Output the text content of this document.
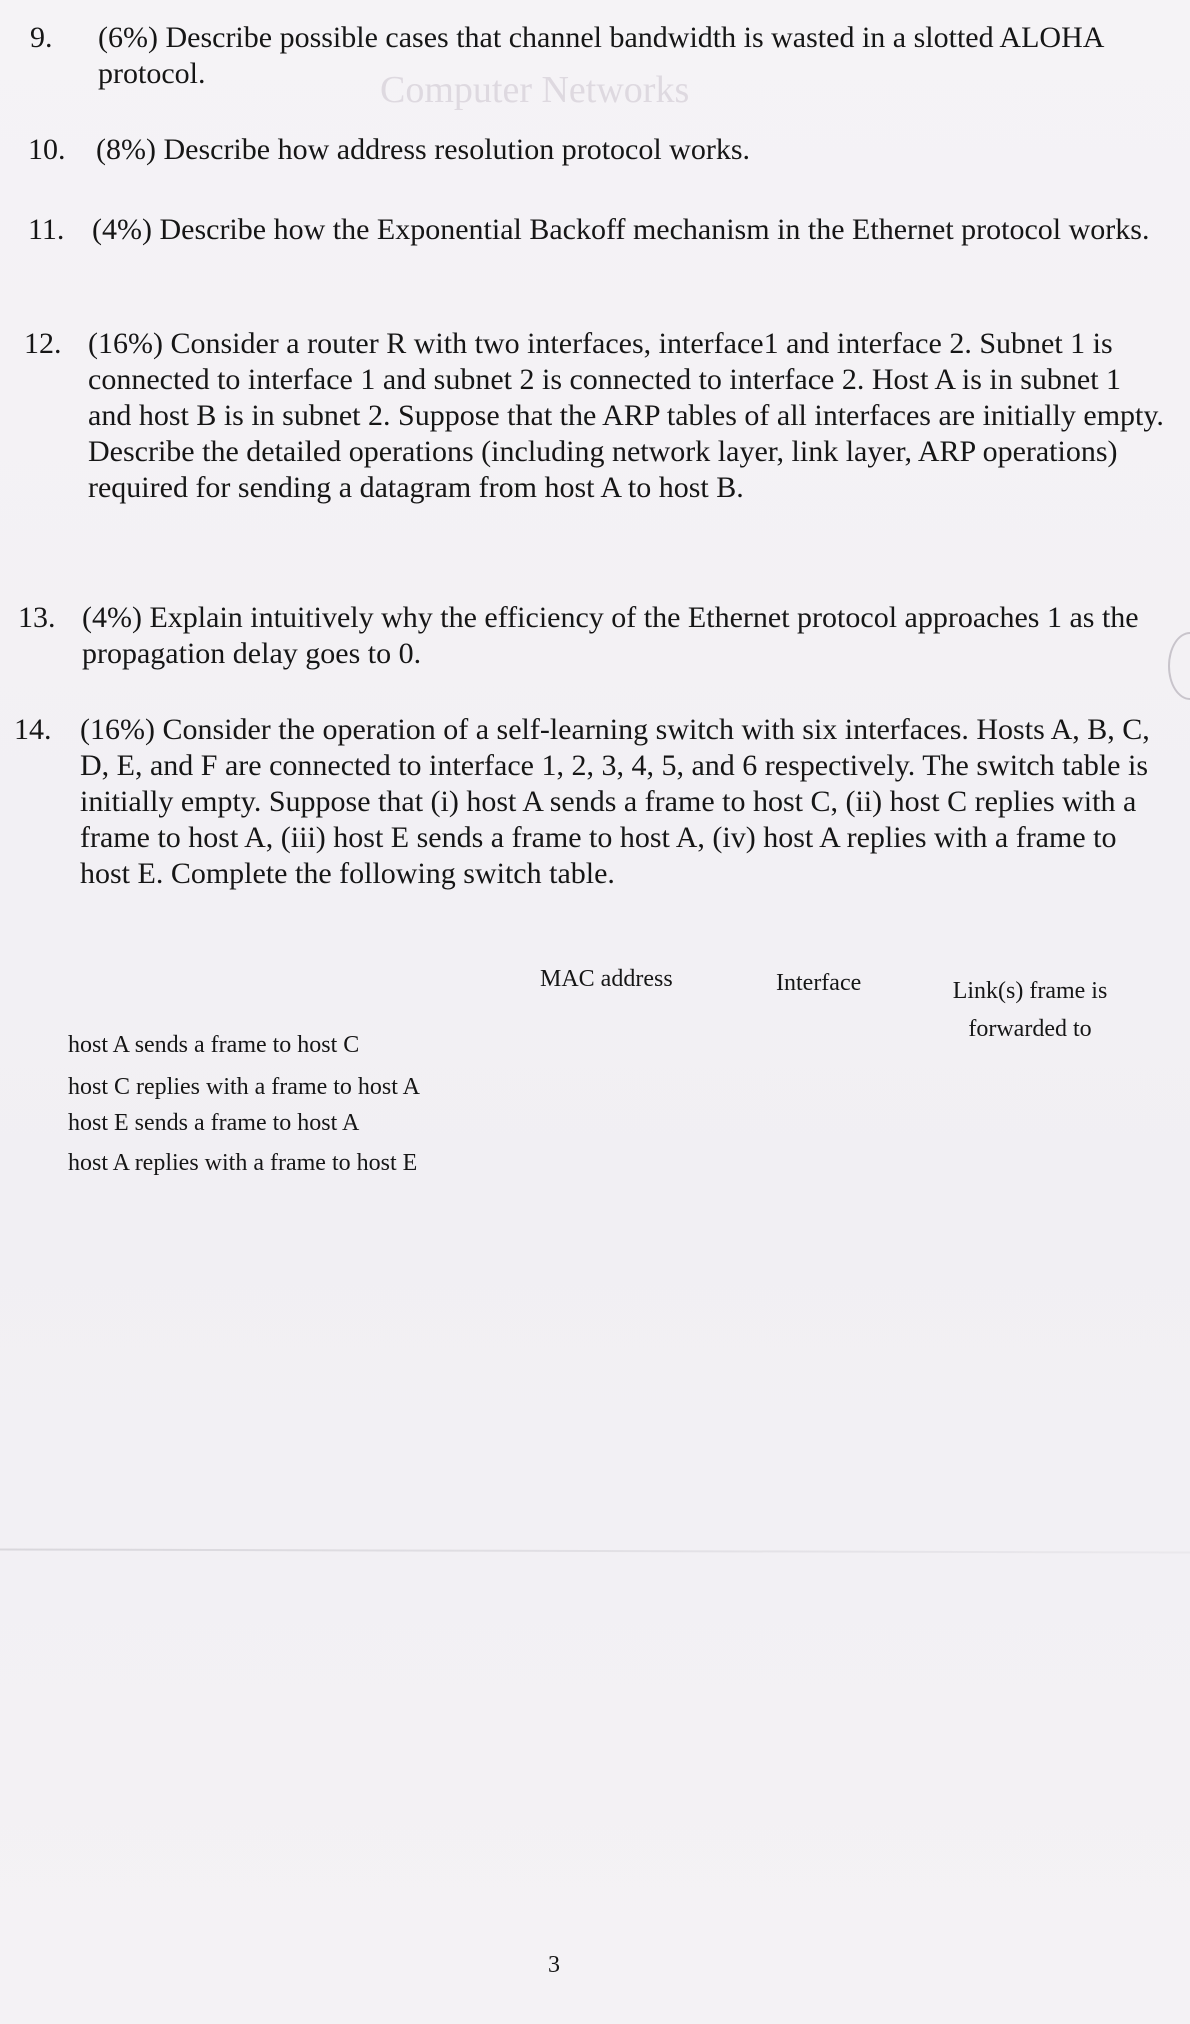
Computer Networks
9. (6%) Describe possible cases that channel bandwidth is wasted in a slotted ALOHA protocol.
10. (8%) Describe how address resolution protocol works.
11. (4%) Describe how the Exponential Backoff mechanism in the Ethernet protocol works.
12. (16%) Consider a router R with two interfaces, interface1 and interface 2. Subnet 1 is connected to interface 1 and subnet 2 is connected to interface 2. Host A is in subnet 1 and host B is in subnet 2. Suppose that the ARP tables of all interfaces are initially empty. Describe the detailed operations (including network layer, link layer, ARP operations) required for sending a datagram from host A to host B.
13. (4%) Explain intuitively why the efficiency of the Ethernet protocol approaches 1 as the propagation delay goes to 0.
14. (16%) Consider the operation of a self-learning switch with six interfaces. Hosts A, B, C, D, E, and F are connected to interface 1, 2, 3, 4, 5, and 6 respectively. The switch table is initially empty. Suppose that (i) host A sends a frame to host C, (ii) host C replies with a frame to host A, (iii) host E sends a frame to host A, (iv) host A replies with a frame to host E. Complete the following switch table.
MAC address	Interface	Link(s) frame is forwarded to
host A sends a frame to host C
host C replies with a frame to host A
host E sends a frame to host A
host A replies with a frame to host E
3
